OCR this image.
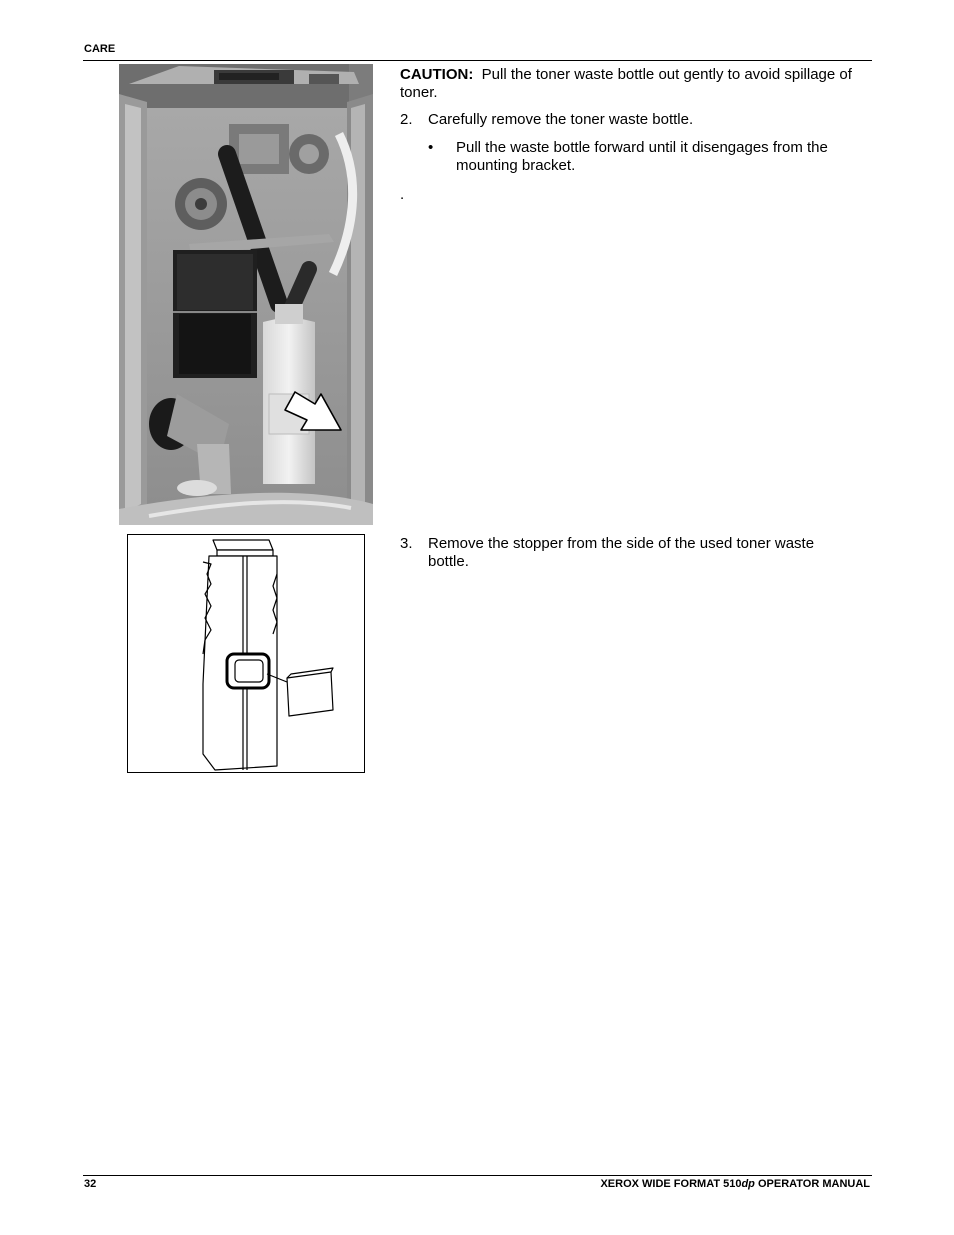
CARE
CAUTION: Pull the toner waste bottle out gently to avoid spillage of toner.
2. Carefully remove the toner waste bottle.
• Pull the waste bottle forward until it disengages from the mounting bracket.
.
3. Remove the stopper from the side of the used toner waste bottle.
32	XEROX WIDE FORMAT 510dp OPERATOR MANUAL
